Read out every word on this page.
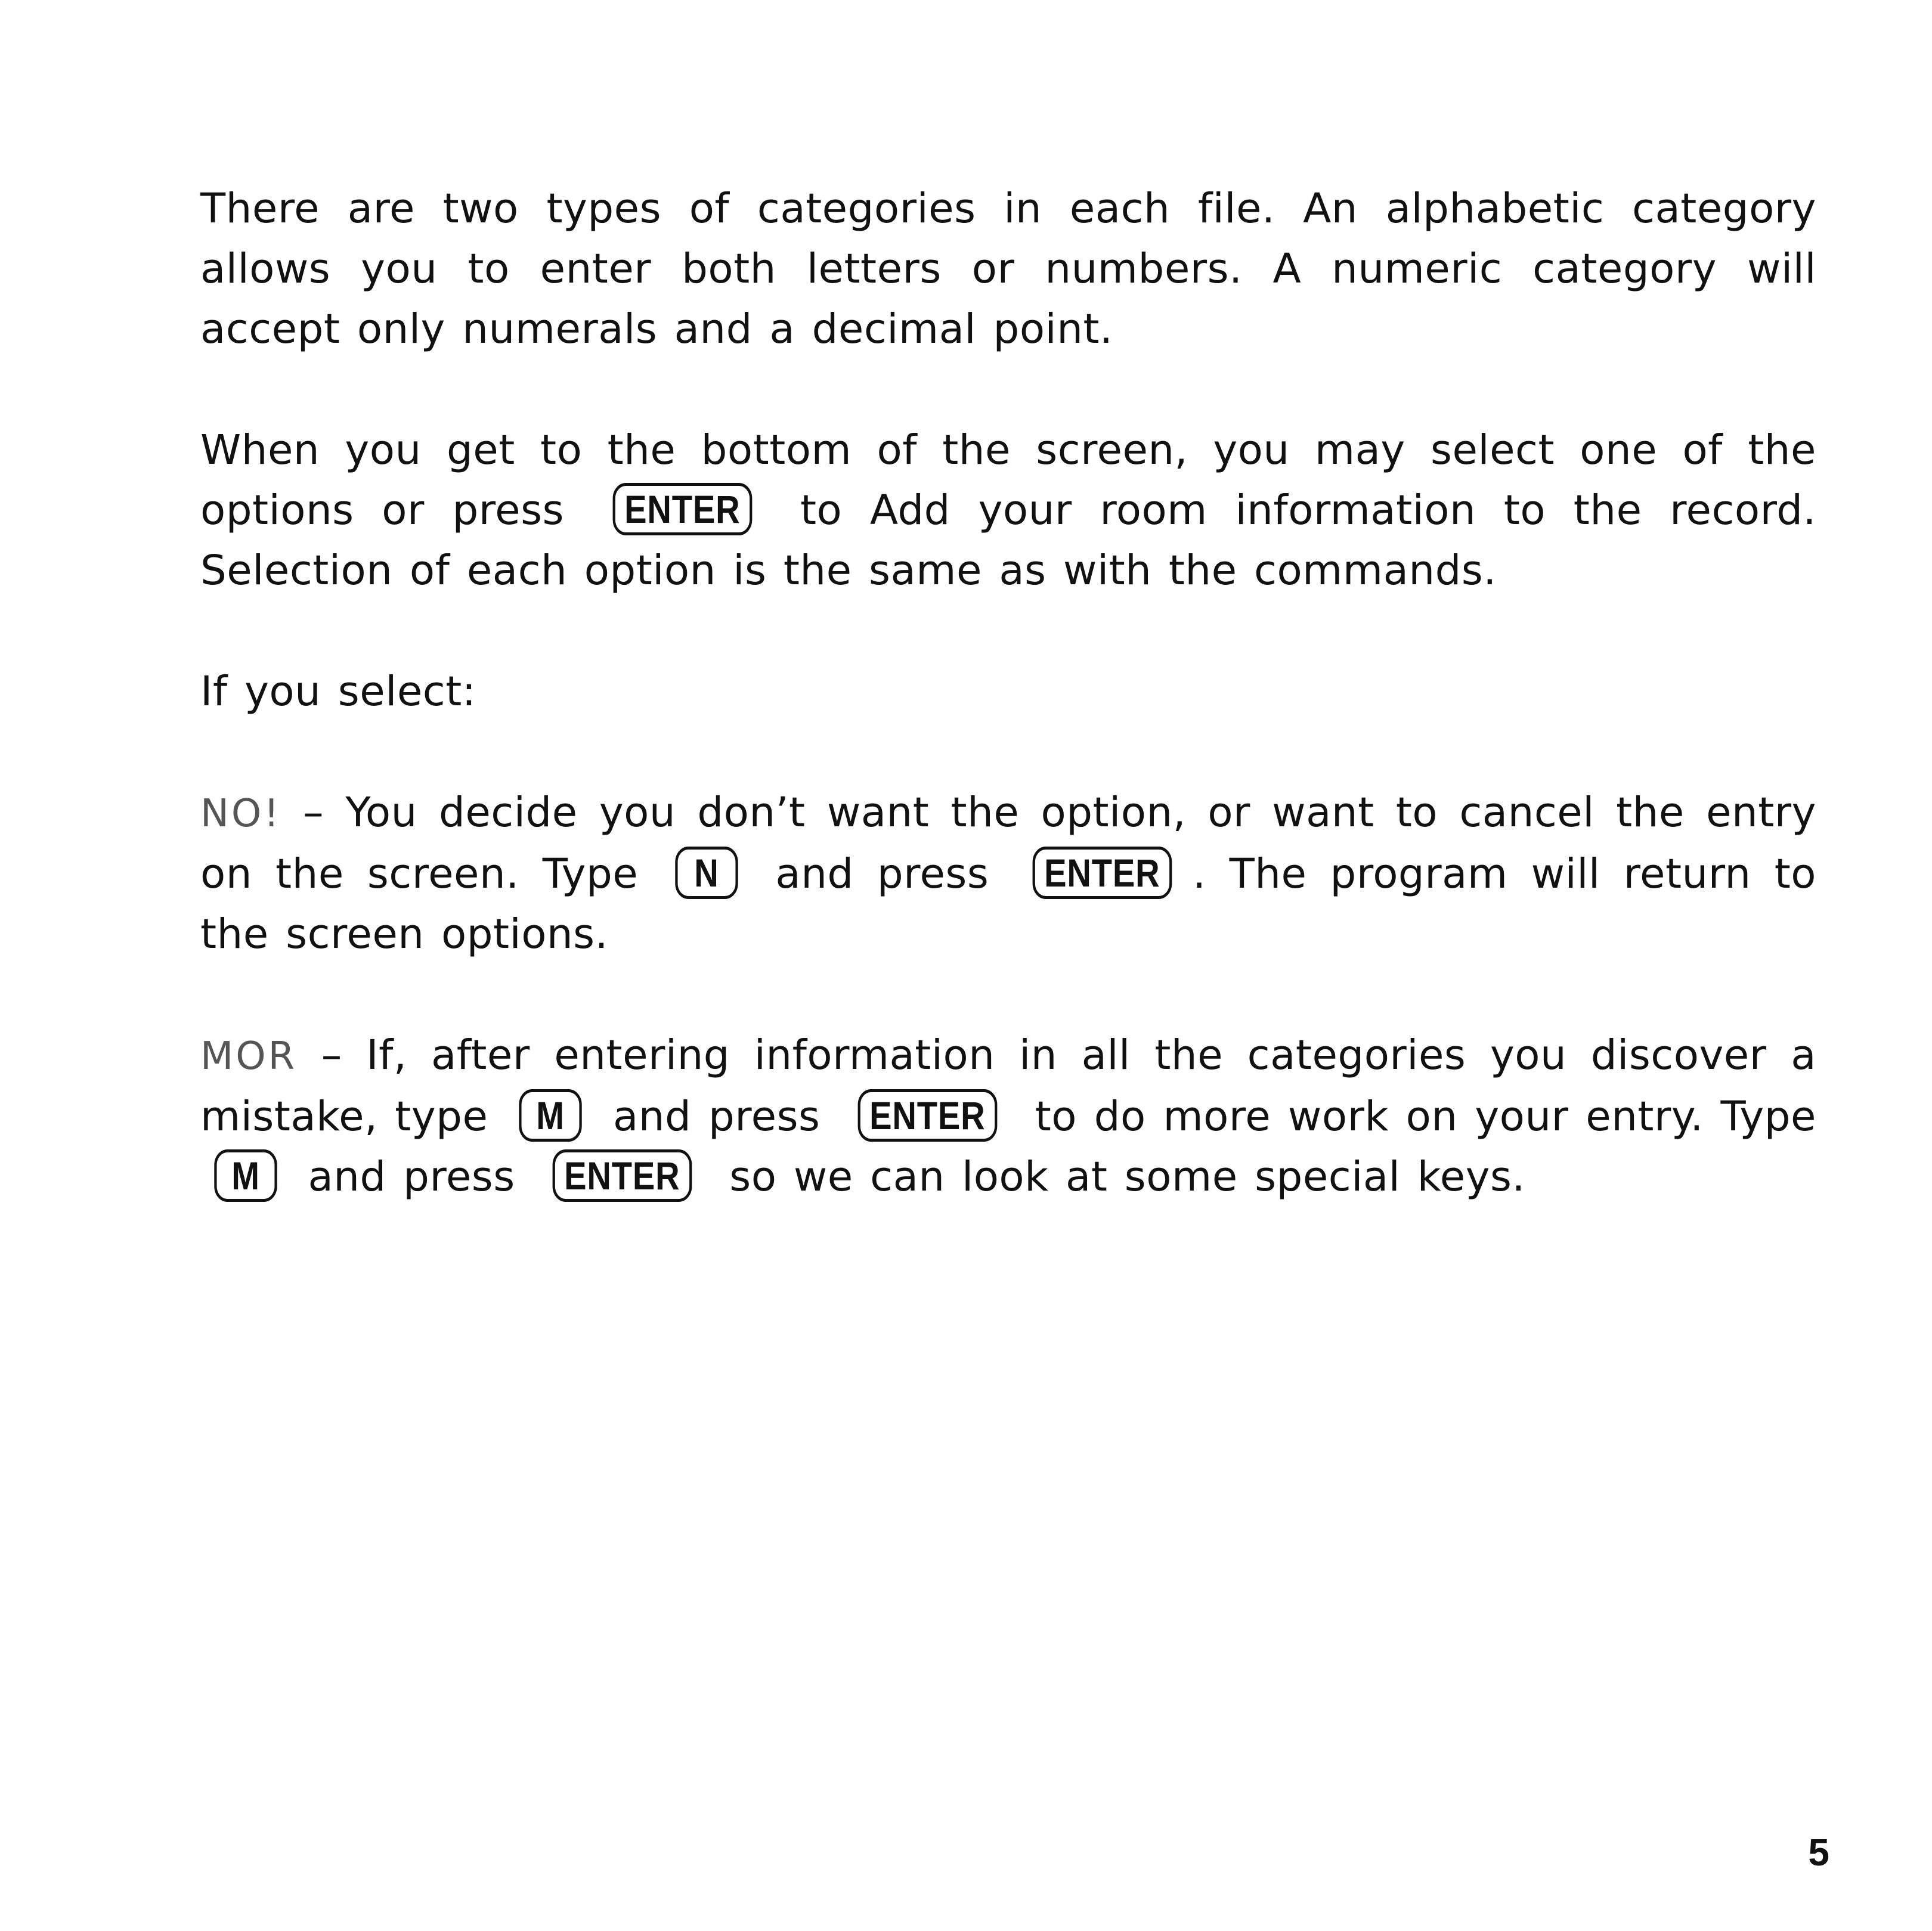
There are two types of categories in each file. An alphabetic category allows you to enter both letters or numbers. A numeric category will accept only numerals and a decimal point.

When you get to the bottom of the screen, you may select one of the options or press ENTER to Add your room information to the record. Selection of each option is the same as with the commands.

If you select:

NO! – You decide you don’t want the option, or want to cancel the entry on the screen. Type N and press ENTER . The program will return to the screen options.

MOR – If, after entering information in all the categories you discover a mistake, type M and press ENTER to do more work on your entry. Type M and press ENTER so we can look at some special keys.

5
